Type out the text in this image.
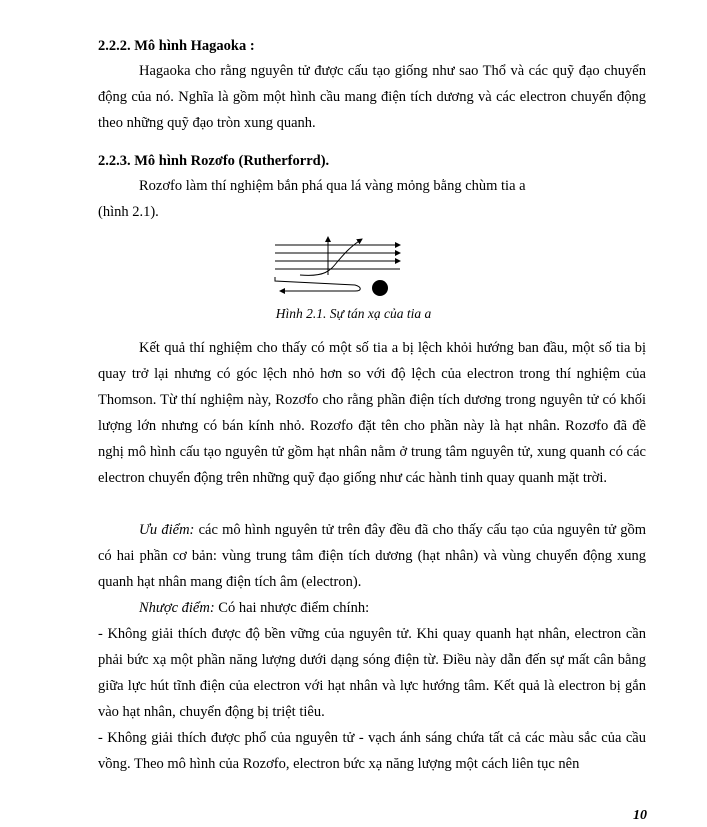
2.2.2. Mô hình Hagaoka :
Hagaoka cho rằng nguyên tử được cấu tạo giống như sao Thổ và các quỹ đạo chuyển động của nó. Nghĩa là gồm một hình cầu mang điện tích dương và các electron chuyển động theo những quỹ đạo tròn xung quanh.
2.2.3. Mô hình Rozơfo (Rutherforrd).
Rozơfo làm thí nghiệm bắn phá qua lá vàng mỏng bằng chùm tia a
(hình 2.1).
Hình 2.1. Sự tán xạ của tia a
Kết quả thí nghiệm cho thấy có một số tia a bị lệch khỏi hướng ban đầu, một số tia bị quay trở lại nhưng có góc lệch nhỏ hơn so với độ lệch của electron trong thí nghiệm của Thomson. Từ thí nghiệm này, Rozơfo cho rằng phần điện tích dương trong nguyên tử có khối lượng lớn nhưng có bán kính nhỏ. Rozơfo đặt tên cho phần này là hạt nhân. Rozơfo đã đề nghị mô hình cấu tạo nguyên tử gồm hạt nhân nằm ở trung tâm nguyên tử, xung quanh có các electron chuyển động trên những quỹ đạo giống như các hành tinh quay quanh mặt trời.
Ưu điểm: các mô hình nguyên tử trên đây đều đã cho thấy cấu tạo của nguyên tử gồm có hai phần cơ bản: vùng trung tâm điện tích dương (hạt nhân) và vùng chuyển động xung quanh hạt nhân mang điện tích âm (electron).
Nhược điểm: Có hai nhược điểm chính:
- Không giải thích được độ bền vững của nguyên tử. Khi quay quanh hạt nhân, electron cần phải bức xạ một phần năng lượng dưới dạng sóng điện từ. Điều này dẫn đến sự mất cân bằng giữa lực hút tĩnh điện của electron với hạt nhân và lực hướng tâm. Kết quả là electron bị gắn vào hạt nhân, chuyển động bị triệt tiêu.
- Không giải thích được phổ của nguyên tử - vạch ánh sáng chứa tất cả các màu sắc của cầu vồng. Theo mô hình của Rozơfo, electron bức xạ năng lượng một cách liên tục nên
10
